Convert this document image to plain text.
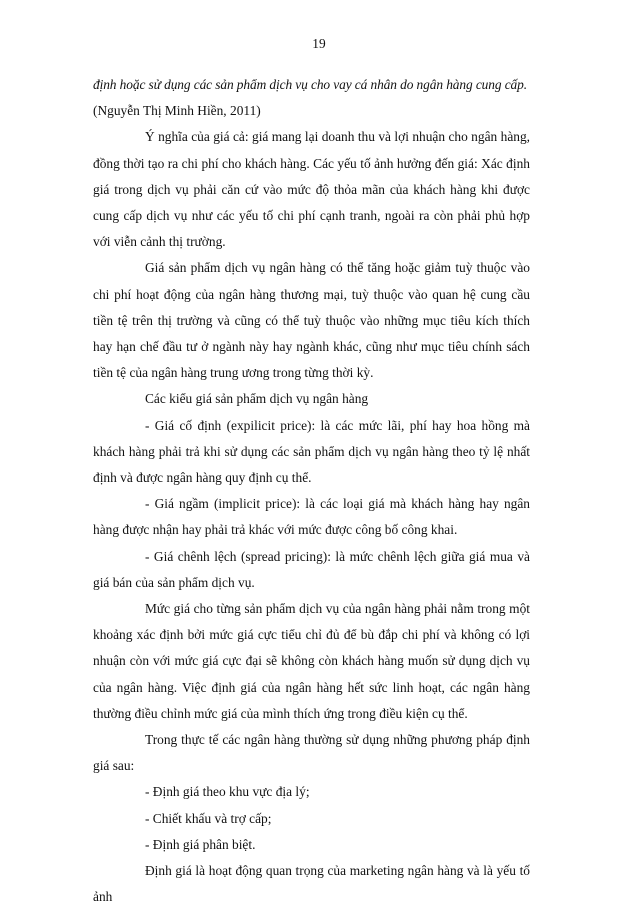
19

định hoặc sử dụng các sản phẩm dịch vụ cho vay cá nhân do ngân hàng cung cấp.

(Nguyễn Thị Minh Hiền, 2011)

Ý nghĩa của giá cả: giá mang lại doanh thu và lợi nhuận cho ngân hàng, đồng thời tạo ra chi phí cho khách hàng. Các yếu tố ảnh hưởng đến giá: Xác định giá trong dịch vụ phải căn cứ vào mức độ thỏa mãn của khách hàng khi được cung cấp dịch vụ như các yếu tố chi phí cạnh tranh, ngoài ra còn phải phủ hợp với viễn cảnh thị trường.

Giá sản phẩm dịch vụ ngân hàng có thể tăng hoặc giảm tuỳ thuộc vào chi phí hoạt động của ngân hàng thương mại, tuỳ thuộc vào quan hệ cung cầu tiền tệ trên thị trường và cũng có thể tuỳ thuộc vào những mục tiêu kích thích hay hạn chế đầu tư ở ngành này hay ngành khác, cũng như mục tiêu chính sách tiền tệ của ngân hàng trung ương trong từng thời kỳ.

Các kiểu giá sản phẩm dịch vụ ngân hàng

- Giá cố định (expilicit price): là các mức lãi, phí hay hoa hồng mà khách hàng phải trả khi sử dụng các sản phẩm dịch vụ ngân hàng theo tỷ lệ nhất định và được ngân hàng quy định cụ thể.

- Giá ngầm (implicit price): là các loại giá mà khách hàng hay ngân hàng được nhận hay phải trả khác với mức được công bố công khai.

- Giá chênh lệch (spread pricing): là mức chênh lệch giữa giá mua và giá bán của sản phẩm dịch vụ.

Mức giá cho từng sản phẩm dịch vụ của ngân hàng phải nằm trong một khoảng xác định bởi mức giá cực tiểu chỉ đủ để bù đắp chi phí và không có lợi nhuận còn với mức giá cực đại sẽ không còn khách hàng muốn sử dụng dịch vụ của ngân hàng. Việc định giá của ngân hàng hết sức linh hoạt, các ngân hàng thường điều chỉnh mức giá của mình thích ứng trong điều kiện cụ thể.

Trong thực tế các ngân hàng thường sử dụng những phương pháp định giá sau:

- Định giá theo khu vực địa lý;

- Chiết khấu và trợ cấp;

- Định giá phân biệt.

Định giá là hoạt động quan trọng của marketing ngân hàng và là yếu tố ảnh
